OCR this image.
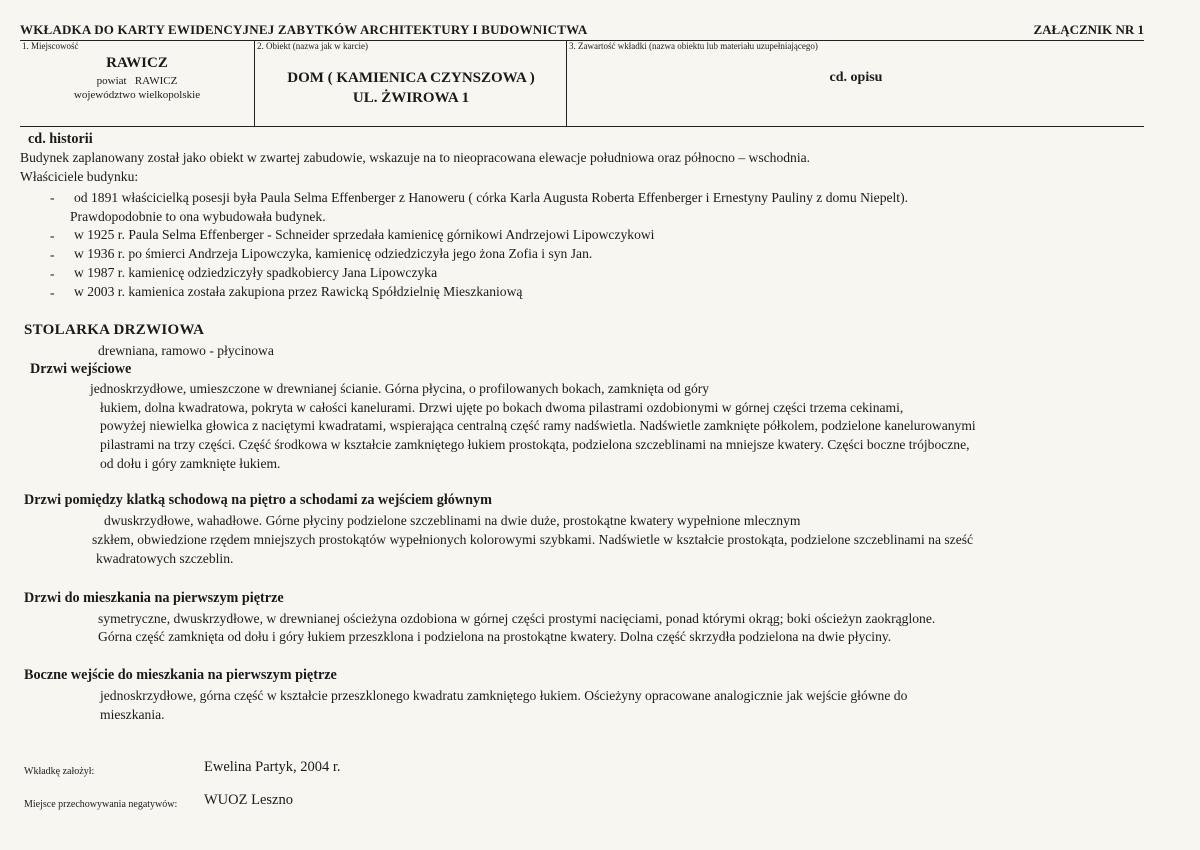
WKŁADKA DO KARTY EWIDENCYJNEJ ZABYTKÓW ARCHITEKTURY I BUDOWNICTWA	ZAŁĄCZNIK NR 1
1. Miejscowość
RAWICZ
powiat   RAWICZ
województwo wielkopolskie
2. Obiekt (nazwa jak w karcie)
DOM ( KAMIENICA CZYNSZOWA )
UL. ŻWIROWA 1
3. Zawartość wkładki (nazwa obiektu lub materiału uzupełniającego)
cd. opisu
cd. historii
Budynek zaplanowany został jako obiekt w zwartej zabudowie, wskazuje na to nieopracowana elewacje południowa oraz północno – wschodnia.
Właściciele budynku:
- od 1891 właścicielką posesji była Paula Selma Effenberger z Hanoweru ( córka Karla Augusta Roberta Effenberger i Ernestyny Pauliny z domu Niepelt).
Prawdopodobnie to ona wybudowała budynek.
- w 1925 r. Paula Selma Effenberger - Schneider sprzedała kamienicę górnikowi Andrzejowi Lipowczykowi
- w 1936 r. po śmierci Andrzeja Lipowczyka, kamienicę odziedziczyła jego żona Zofia i syn Jan.
- w 1987 r. kamienicę odziedziczyły spadkobiercy Jana Lipowczyka
- w 2003 r. kamienica została zakupiona przez Rawicką Spółdzielnię Mieszkaniową
STOLARKA DRZWIOWA
drewniana, ramowo - płycinowa
Drzwi wejściowe
jednoskrzydłowe, umieszczone w drewnianej ścianie. Górna płycina, o profilowanych bokach, zamknięta od góry
łukiem, dolna kwadratowa, pokryta w całości kanelurami. Drzwi ujęte po bokach dwoma pilastrami ozdobionymi w górnej części trzema cekinami,
powyżej niewielka głowica z naciętymi kwadratami, wspierająca centralną część ramy nadświetla. Nadświetle zamknięte półkolem, podzielone kanelurowanymi
pilastrami na trzy części. Część środkowa w kształcie zamkniętego łukiem prostokąta, podzielona szczeblinami na mniejsze kwatery. Części boczne trójboczne,
od dołu i góry zamknięte łukiem.
Drzwi pomiędzy klatką schodową na piętro a schodami za wejściem głównym
dwuskrzydłowe, wahadłowe. Górne płyciny podzielone szczeblinami na dwie duże, prostokątne kwatery wypełnione mlecznym
szkłem, obwiedzione rzędem mniejszych prostokątów wypełnionych kolorowymi szybkami. Nadświetle w kształcie prostokąta, podzielone szczeblinami na sześć
kwadratowych szczeblin.
Drzwi do mieszkania na pierwszym piętrze
symetryczne, dwuskrzydłowe, w drewnianej ościeżyna ozdobiona w górnej części prostymi nacięciami, ponad którymi okrąg; boki ościeżyn zaokrąglone.
Górna część zamknięta od dołu i góry łukiem przeszklona i podzielona na prostokątne kwatery. Dolna część skrzydła podzielona na dwie płyciny.
Boczne wejście do mieszkania na pierwszym piętrze
jednoskrzydłowe, górna część w kształcie przeszklonego kwadratu zamkniętego łukiem. Ościeżyny opracowane analogicznie jak wejście główne do
mieszkania.
Wkładkę założył:	Ewelina Partyk, 2004 r.
Miejsce przechowywania negatywów: WUOZ Leszno
